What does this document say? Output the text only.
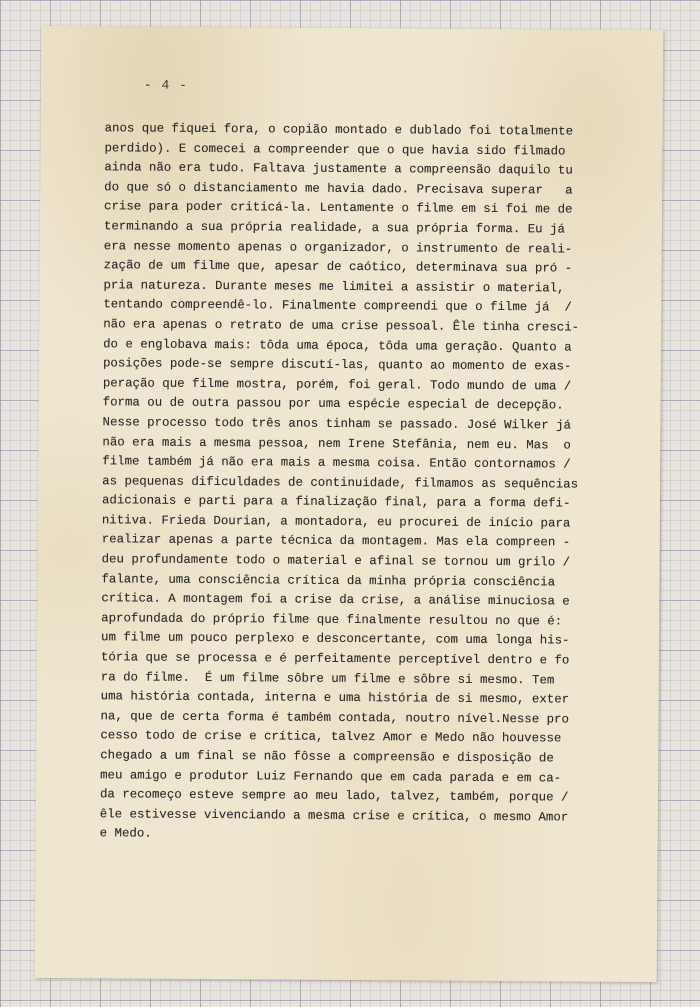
- 4 -
anos que fiquei fora, o copião montado e dublado foi totalmente
perdido). E comecei a compreender que o que havia sido filmado
ainda não era tudo. Faltava justamente a compreensão daquilo tu
do que só o distanciamento me havia dado. Precisava superar   a
crise para poder criticá-la. Lentamente o filme em si foi me de
terminando a sua própria realidade, a sua própria forma. Eu já
era nesse momento apenas o organizador, o instrumento de reali-
zação de um filme que, apesar de caótico, determinava sua pró -
pria natureza. Durante meses me limitei a assistir o material,
tentando compreendê-lo. Finalmente compreendi que o filme já  /
não era apenas o retrato de uma crise pessoal. Êle tinha cresci-
do e englobava mais: tôda uma época, tôda uma geração. Quanto a
posições pode-se sempre discutí-las, quanto ao momento de exas-
peração que filme mostra, porém, foi geral. Todo mundo de uma /
forma ou de outra passou por uma espécie especial de decepção.
Nesse processo todo três anos tinham se passado. José Wilker já
não era mais a mesma pessoa, nem Irene Stefânia, nem eu. Mas  o
filme também já não era mais a mesma coisa. Então contornamos /
as pequenas dificuldades de continuidade, filmamos as sequências
adicionais e parti para a finalização final, para a forma defi-
nitiva. Frieda Dourian, a montadora, eu procurei de início para
realizar apenas a parte técnica da montagem. Mas ela compreen -
deu profundamente todo o material e afinal se tornou um grilo /
falante, uma consciência crítica da minha própria consciência
crítica. A montagem foi a crise da crise, a análise minuciosa e
aprofundada do próprio filme que finalmente resultou no que é:
um filme um pouco perplexo e desconcertante, com uma longa his-
tória que se processa e é perfeitamente perceptível dentro e fo
ra do filme.  É um filme sôbre um filme e sôbre si mesmo. Tem
uma história contada, interna e uma história de si mesmo, exter
na, que de certa forma é também contada, noutro nível.Nesse pro
cesso todo de crise e crítica, talvez Amor e Medo não houvesse
chegado a um final se não fôsse a compreensão e disposição de
meu amigo e produtor Luiz Fernando que em cada parada e em ca-
da recomeço esteve sempre ao meu lado, talvez, também, porque /
êle estivesse vivenciando a mesma crise e crítica, o mesmo Amor
e Medo.
